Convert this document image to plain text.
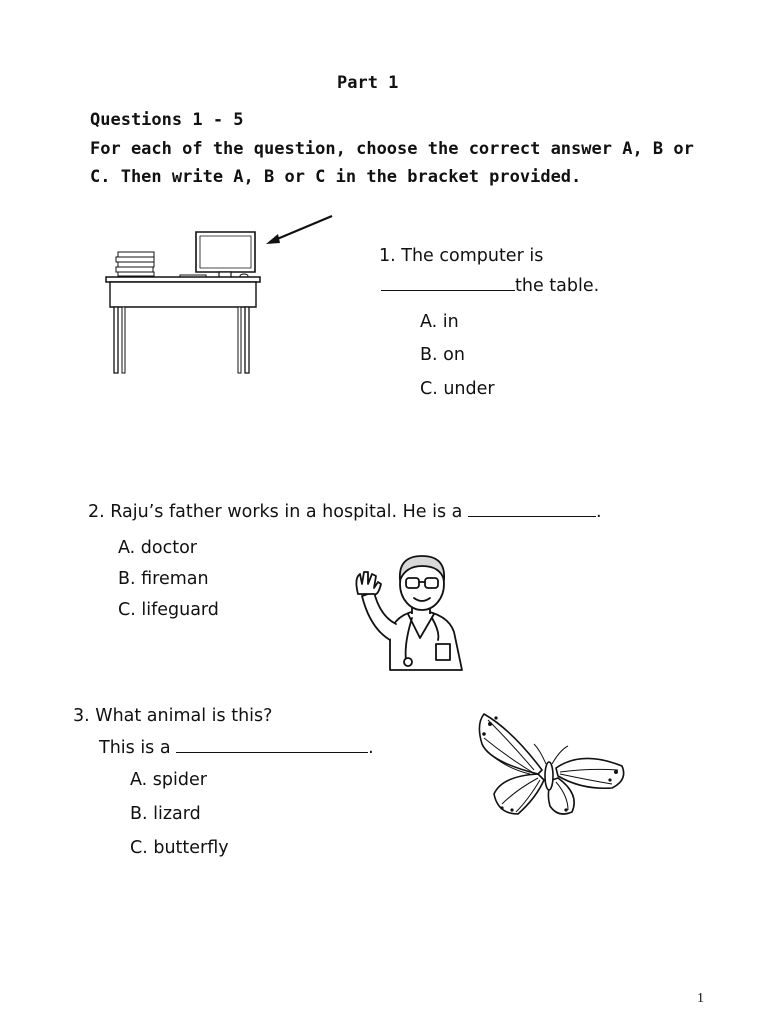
Part 1
Questions 1 - 5
For each of the question, choose the correct answer A, B or
C. Then write A, B or C in the bracket provided.
1. The computer is
the table.
A. in
B. on
C. under
2. Raju’s father works in a hospital. He is a	.
A. doctor
B. fireman
C. lifeguard
3. What animal is this?
This is a	.
A. spider
B. lizard
C. butterfly
1
